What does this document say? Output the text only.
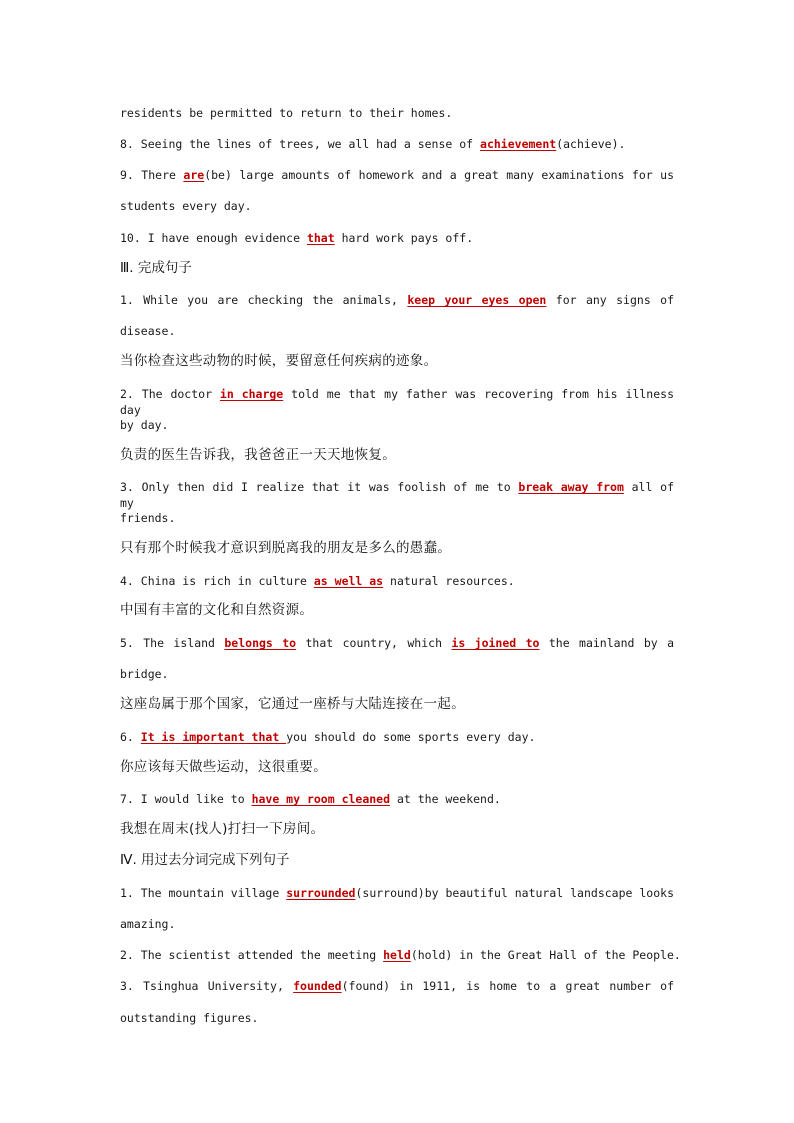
residents be permitted to return to their homes.
8. Seeing the lines of trees, we all had a sense of achievement(achieve).
9. There are(be) large amounts of homework and a great many examinations for us
students every day.
10. I have enough evidence that hard work pays off.
Ⅲ. 完成句子
1. While you are checking the animals, keep your eyes open for any signs of
disease.
当你检查这些动物的时候，要留意任何疾病的迹象。
2. The doctor in charge told me that my father was recovering from his illness day
by day.
负责的医生告诉我，我爸爸正一天天地恢复。
3. Only then did I realize that it was foolish of me to break away from all of my
friends.
只有那个时候我才意识到脱离我的朋友是多么的愚蠢。
4. China is rich in culture as well as natural resources.
中国有丰富的文化和自然资源。
5. The island belongs to that country, which is joined to the mainland by a
bridge.
这座岛属于那个国家，它通过一座桥与大陆连接在一起。
6. It is important that you should do some sports every day.
你应该每天做些运动，这很重要。
7. I would like to have my room cleaned at the weekend.
我想在周末(找人)打扫一下房间。
Ⅳ. 用过去分词完成下列句子
1. The mountain village surrounded(surround)by beautiful natural landscape looks
amazing.
2. The scientist attended the meeting held(hold) in the Great Hall of the People.
3. Tsinghua University, founded(found) in 1911, is home to a great number of
outstanding figures.
